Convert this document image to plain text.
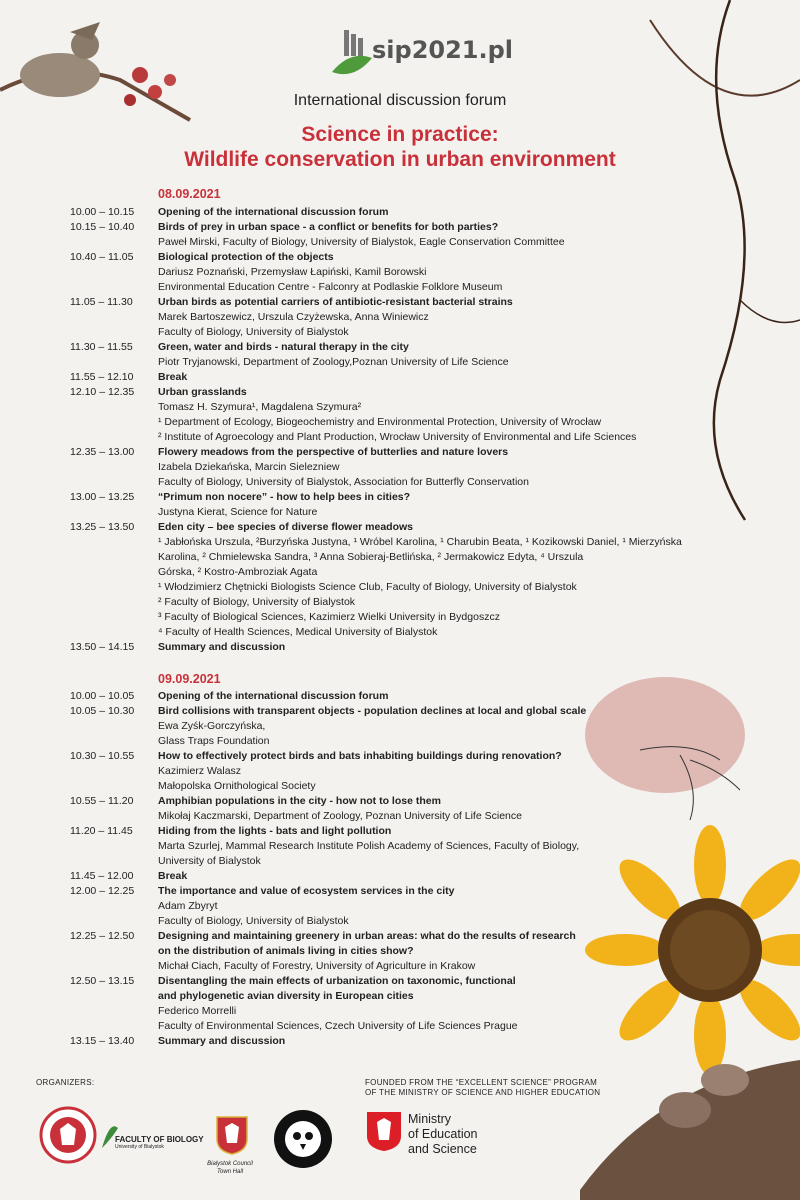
sip2021.pl
International discussion forum
Science in practice:
Wildlife conservation in urban environment
08.09.2021
10.00 – 10.15	Opening of the international discussion forum
10.15 – 10.40	Birds of prey in urban space - a conflict or benefits for both parties?
Paweł Mirski, Faculty of Biology, University of Bialystok, Eagle Conservation Committee
10.40 – 11.05	Biological protection of the objects
Dariusz Poznański, Przemysław Łapiński, Kamil Borowski
Environmental Education Centre - Falconry at Podlaskie Folklore Museum
11.05 – 11.30	Urban birds as potential carriers of antibiotic-resistant bacterial strains
Marek Bartoszewicz, Urszula Czyżewska, Anna Winiewicz
Faculty of Biology, University of Bialystok
11.30 – 11.55	Green, water and birds - natural therapy in the city
Piotr Tryjanowski, Department of Zoology,Poznan University of Life Science
11.55 – 12.10	Break
12.10 – 12.35	Urban grasslands
Tomasz H. Szymura¹, Magdalena Szymura²
¹ Department of Ecology, Biogeochemistry and Environmental Protection, University of Wrocław
² Institute of Agroecology and Plant Production, Wrocław University of Environmental and Life Sciences
12.35 – 13.00	Flowery meadows from the perspective of butterlies and nature lovers
Izabela Dziekańska, Marcin Sielezniew
Faculty of Biology, University of Bialystok, Association for Butterfly Conservation
13.00 – 13.25	“Primum non nocere” - how to help bees in cities?
Justyna Kierat, Science for Nature
13.25 – 13.50	Eden city – bee species of diverse flower meadows
¹ Jabłońska Urszula, ²Burzyńska Justyna, ¹ Wróbel Karolina, ¹ Charubin Beata, ¹ Kozikowski Daniel, ¹ Mierzyńska
Karolina, ² Chmielewska Sandra, ³ Anna Sobieraj-Betlińska, ² Jermakowicz Edyta, ⁴ Urszula
Górska, ² Kostro-Ambroziak Agata
¹ Włodzimierz Chętnicki Biologists Science Club, Faculty of Biology, University of Bialystok
² Faculty of Biology, University of Bialystok
³ Faculty of Biological Sciences, Kazimierz Wielki University in Bydgoszcz
⁴ Faculty of Health Sciences, Medical University of Bialystok
13.50 – 14.15	Summary and discussion
09.09.2021
10.00 – 10.05	Opening of the international discussion forum
10.05 – 10.30	Bird collisions with transparent objects - population declines at local and global scale
Ewa Zyśk-Gorczyńska,
Glass Traps Foundation
10.30 – 10.55	How to effectively protect birds and bats inhabiting buildings during renovation?
Kazimierz Walasz
Małopolska Ornithological Society
10.55 – 11.20	Amphibian populations in the city - how not to lose them
Mikołaj Kaczmarski, Department of Zoology, Poznan University of Life Science
11.20 – 11.45	Hiding from the lights - bats and light pollution
Marta Szurlej, Mammal Research Institute Polish Academy of Sciences, Faculty of Biology,
University of Bialystok
11.45 – 12.00	Break
12.00 – 12.25	The importance and value of ecosystem services in the city
Adam Zbyryt
Faculty of Biology, University of Bialystok
12.25 – 12.50	Designing and maintaining greenery in urban areas: what do the results of research
on the distribution of animals living in cities show?
Michał Ciach, Faculty of Forestry, University of Agriculture in Krakow
12.50 – 13.15	Disentangling the main effects of urbanization on taxonomic, functional
and phylogenetic avian diversity in European cities
Federico Morrelli
Faculty of Environmental Sciences, Czech University of Life Sciences Prague
13.15 – 13.40	Summary and discussion
ORGANIZERS:	FOUNDED FROM THE “EXCELLENT SCIENCE” PROGRAM
OF THE MINISTRY OF SCIENCE AND HIGHER EDUCATION
FACULTY OF BIOLOGY
University of Bialystok
Bialystok Council
Town Hall
Ministry
of Education
and Science
